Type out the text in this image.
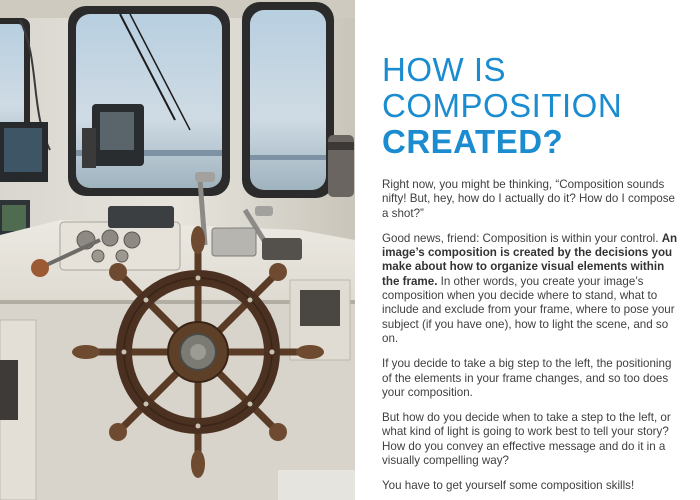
HOW IS
COMPOSITION
CREATED?

Right now, you might be thinking, “Composition sounds nifty! But, hey, how do I actually do it? How do I compose a shot?”

Good news, friend: Composition is within your control. An image’s composition is created by the decisions you make about how to organize visual elements within the frame. In other words, you create your image’s composition when you decide where to stand, what to include and exclude from your frame, where to pose your subject (if you have one), how to light the scene, and so on.

If you decide to take a big step to the left, the positioning of the elements in your frame changes, and so too does your composition.

But how do you decide when to take a step to the left, or what kind of light is going to work best to tell your story? How do you convey an effective message and do it in a visually compelling way?

You have to get yourself some composition skills!
